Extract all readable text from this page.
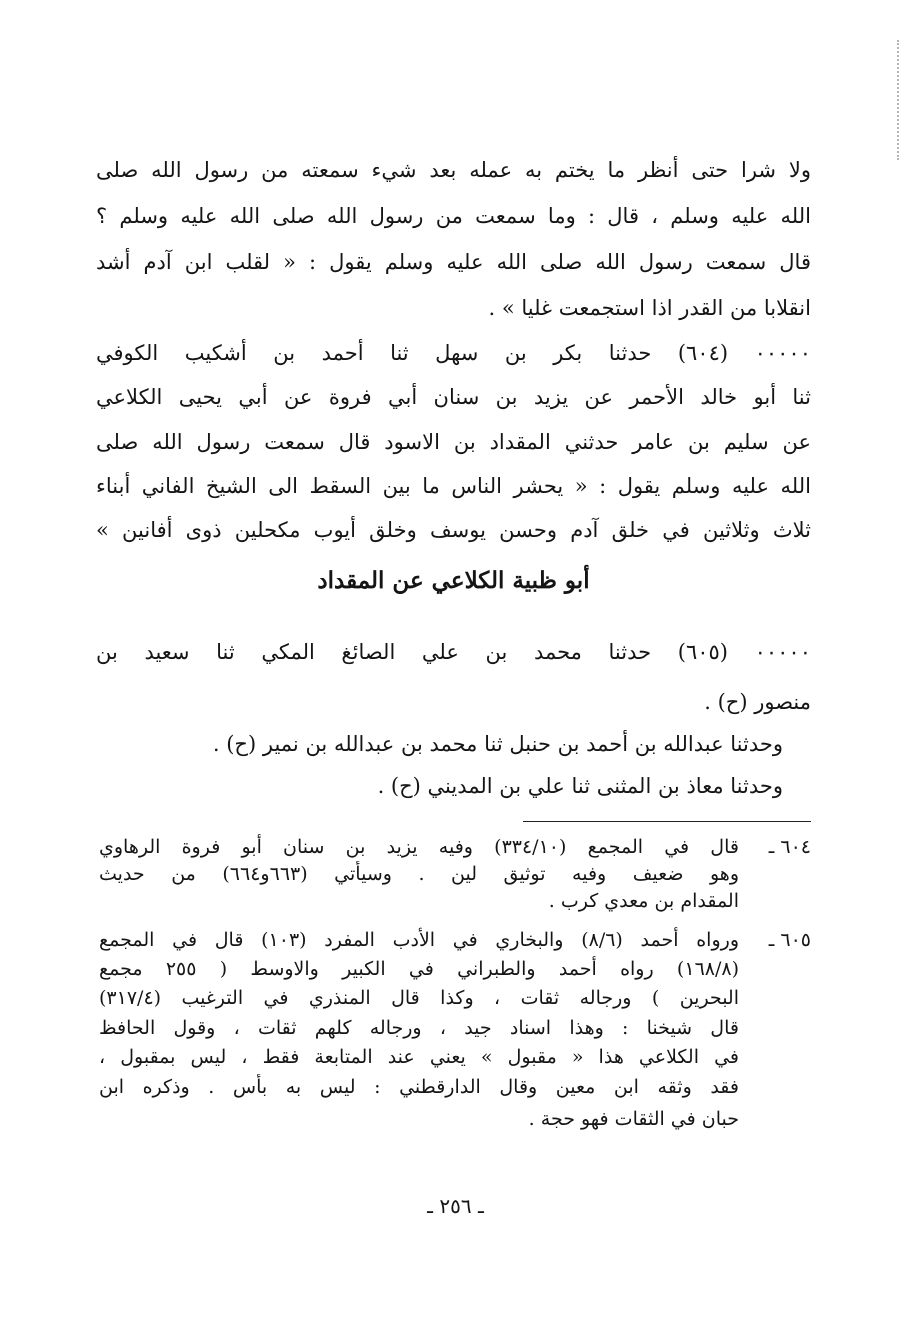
ولا شرا حتى أنظر ما يختم به عمله بعد شيء سمعته من رسول الله صلى
الله عليه وسلم ، قال : وما سمعت من رسول الله صلى الله عليه وسلم ؟
قال سمعت رسول الله صلى الله عليه وسلم يقول : « لقلب ابن آدم أشد
انقلابا من القدر اذا استجمعت غليا » .
٠٠٠٠٠ (٦٠٤) حدثنا بكر بن سهل ثنا أحمد بن أشكيب الكوفي
ثنا أبو خالد الأحمر عن يزيد بن سنان أبي فروة عن أبي يحيى الكلاعي
عن سليم بن عامر حدثني المقداد بن الاسود قال سمعت رسول الله صلى
الله عليه وسلم يقول : « يحشر الناس ما بين السقط الى الشيخ الفاني أبناء
ثلاث وثلاثين في خلق آدم وحسن يوسف وخلق أيوب مكحلين ذوى أفانين »
أبو ظبية الكلاعي عن المقداد
٠٠٠٠٠ (٦٠٥) حدثنا محمد بن علي الصائغ المكي ثنا سعيد بن
منصور (ح) .
وحدثنا عبدالله بن أحمد بن حنبل ثنا محمد بن عبدالله بن نمير (ح) .
وحدثنا معاذ بن المثنى ثنا علي بن المديني (ح) .
٦٠٤ ـ
قال في المجمع (٣٣٤/١٠) وفيه يزيد بن سنان أبو فروة الرهاوي
وهو ضعيف وفيه توثيق لين . وسيأتي (٦٦٣و٦٦٤) من حديث
المقدام بن معدي كرب .
٦٠٥ ـ
ورواه أحمد (٨/٦) والبخاري في الأدب المفرد (١٠٣) قال في المجمع
(١٦٨/٨) رواه أحمد والطبراني في الكبير والاوسط ( ٢٥٥ مجمع
البحرين ) ورجاله ثقات ، وكذا قال المنذري في الترغيب (٣١٧/٤)
قال شيخنا : وهذا اسناد جيد ، ورجاله كلهم ثقات ، وقول الحافظ
في الكلاعي هذا « مقبول » يعني عند المتابعة فقط ، ليس بمقبول ،
فقد وثقه ابن معين وقال الدارقطني : ليس به بأس . وذكره ابن
حبان في الثقات فهو حجة .
ـ ٢٥٦ ـ
